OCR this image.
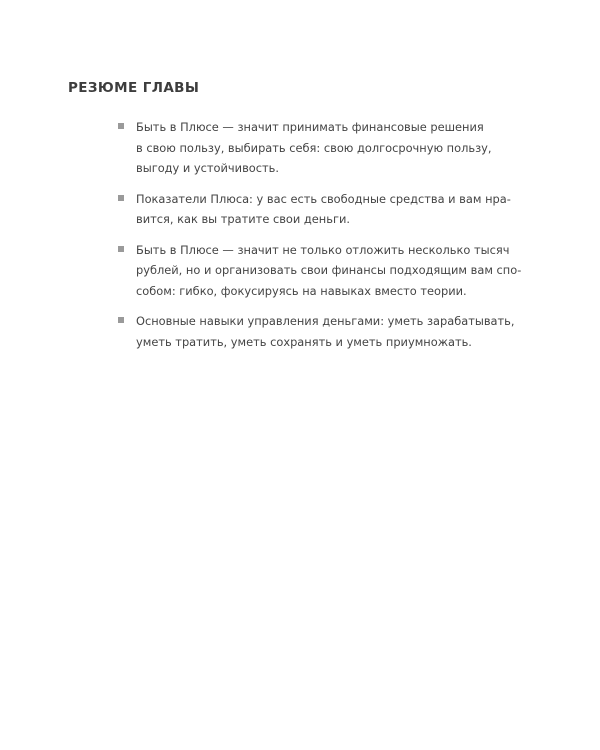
РЕЗЮМЕ ГЛАВЫ
Быть в Плюсе — значит принимать финансовые решения
в свою пользу, выбирать себя: свою долгосрочную пользу,
выгоду и устойчивость.
Показатели Плюса: у вас есть свободные средства и вам нра-
вится, как вы тратите свои деньги.
Быть в Плюсе — значит не только отложить несколько тысяч
рублей, но и организовать свои финансы подходящим вам спо-
собом: гибко, фокусируясь на навыках вместо теории.
Основные навыки управления деньгами: уметь зарабатывать,
уметь тратить, уметь сохранять и уметь приумножать.
